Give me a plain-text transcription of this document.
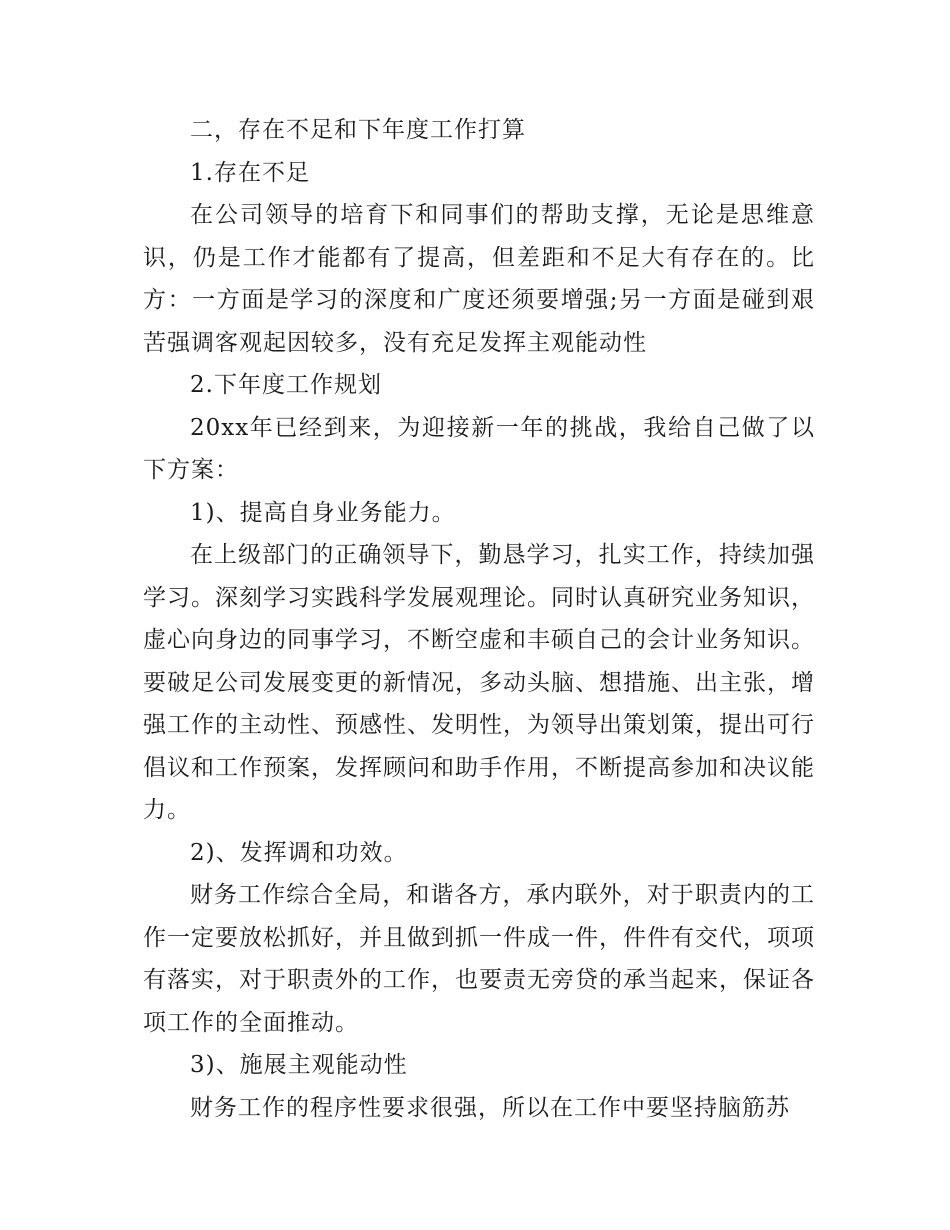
二，存在不足和下年度工作打算

1.存在不足

在公司领导的培育下和同事们的帮助支撑，无论是思维意识，仍是工作才能都有了提高，但差距和不足大有存在的。比方：一方面是学习的深度和广度还须要增强;另一方面是碰到艰苦强调客观起因较多，没有充足发挥主观能动性

2.下年度工作规划

20xx年已经到来，为迎接新一年的挑战，我给自己做了以下方案：

1)、提高自身业务能力。

在上级部门的正确领导下，勤恳学习，扎实工作，持续加强学习。深刻学习实践科学发展观理论。同时认真研究业务知识，虚心向身边的同事学习，不断空虚和丰硕自己的会计业务知识。要破足公司发展变更的新情况，多动头脑、想措施、出主张，增强工作的主动性、预感性、发明性，为领导出策划策，提出可行倡议和工作预案，发挥顾问和助手作用，不断提高参加和决议能力。

2)、发挥调和功效。

财务工作综合全局，和谐各方，承内联外，对于职责内的工作一定要放松抓好，并且做到抓一件成一件，件件有交代，项项有落实，对于职责外的工作，也要责无旁贷的承当起来，保证各项工作的全面推动。

3)、施展主观能动性

财务工作的程序性要求很强，所以在工作中要坚持脑筋苏
